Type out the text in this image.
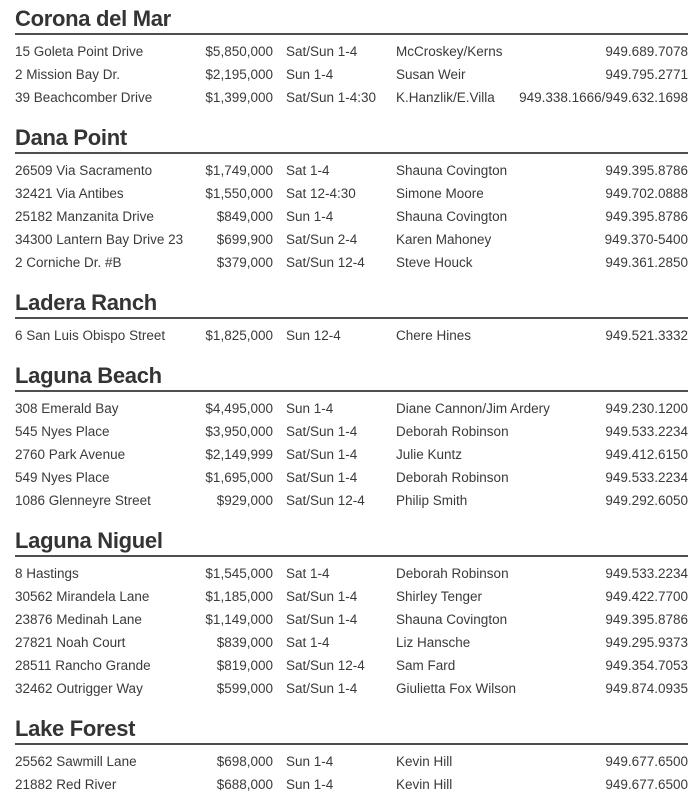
Corona del Mar
15 Goleta Point Drive	$5,850,000 Sat/Sun 1-4	McCroskey/Kerns	949.689.7078
2 Mission Bay Dr.	$2,195,000 Sun 1-4	Susan Weir	949.795.2771
39 Beachcomber Drive	$1,399,000 Sat/Sun 1-4:30	K.Hanzlik/E.Villa	949.338.1666/949.632.1698
Dana Point
26509 Via Sacramento	$1,749,000 Sat 1-4	Shauna Covington	949.395.8786
32421 Via Antibes	$1,550,000 Sat 12-4:30	Simone Moore	949.702.0888
25182 Manzanita Drive	$849,000 Sun 1-4	Shauna Covington	949.395.8786
34300 Lantern Bay Drive 23	$699,900 Sat/Sun 2-4	Karen Mahoney	949.370-5400
2 Corniche Dr. #B	$379,000 Sat/Sun 12-4	Steve Houck	949.361.2850
Ladera Ranch
6 San Luis Obispo Street	$1,825,000 Sun 12-4	Chere Hines	949.521.3332
Laguna Beach
308 Emerald Bay	$4,495,000 Sun 1-4	Diane Cannon/Jim Ardery	949.230.1200
545 Nyes Place	$3,950,000 Sat/Sun 1-4	Deborah Robinson	949.533.2234
2760 Park Avenue	$2,149,999 Sat/Sun 1-4	Julie Kuntz	949.412.6150
549 Nyes Place	$1,695,000 Sat/Sun 1-4	Deborah Robinson	949.533.2234
1086 Glenneyre Street	$929,000 Sat/Sun 12-4	Philip Smith	949.292.6050
Laguna Niguel
8 Hastings	$1,545,000 Sat 1-4	Deborah Robinson	949.533.2234
30562 Mirandela Lane	$1,185,000 Sat/Sun 1-4	Shirley Tenger	949.422.7700
23876 Medinah Lane	$1,149,000 Sat/Sun 1-4	Shauna Covington	949.395.8786
27821 Noah Court	$839,000 Sat 1-4	Liz Hansche	949.295.9373
28511 Rancho Grande	$819,000 Sat/Sun 12-4	Sam Fard	949.354.7053
32462 Outrigger Way	$599,000 Sat/Sun 1-4	Giulietta Fox Wilson	949.874.0935
Lake Forest
25562 Sawmill Lane	$698,000 Sun 1-4	Kevin Hill	949.677.6500
21882 Red River	$688,000 Sun 1-4	Kevin Hill	949.677.6500
